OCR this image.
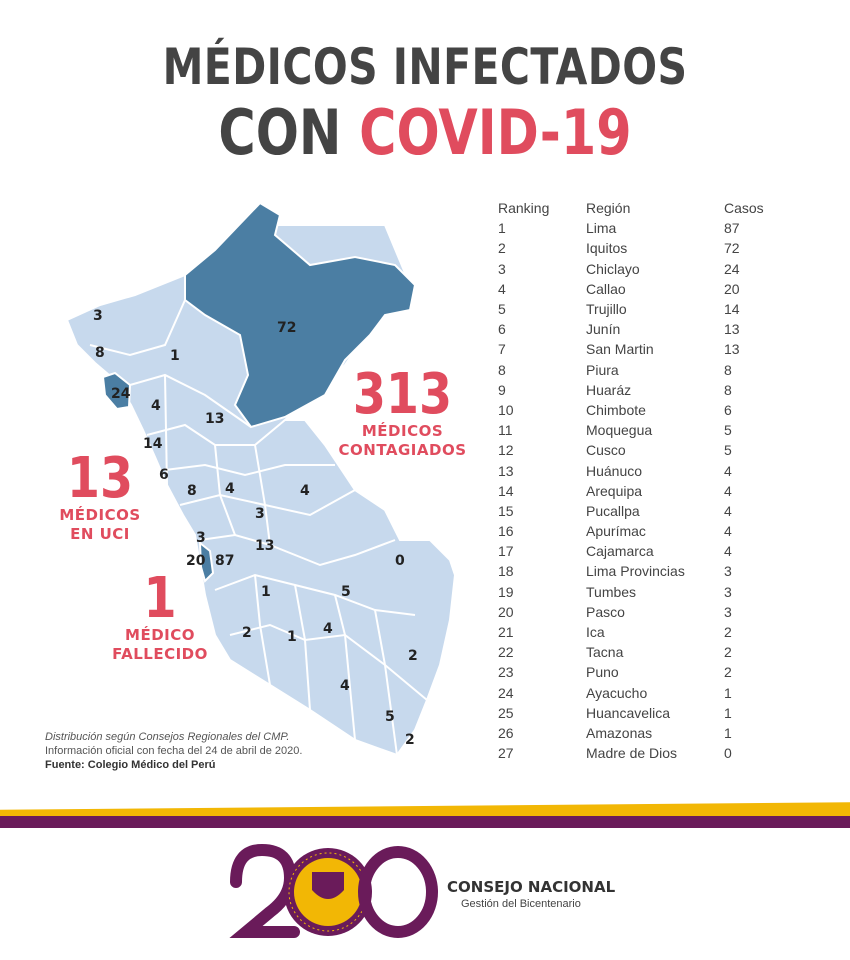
MÉDICOS INFECTADOS
CON COVID-19
72
3
8	1
24
4
13
14
6
8 4	4
3
3	13
20 87	0
1	5
2	1 4
2
4
5
2
313
MÉDICOS
CONTAGIADOS
13
MÉDICOS
EN UCI
1
MÉDICO
FALLECIDO
Distribución según Consejos Regionales del CMP.
Información oficial con fecha del 24 de abril de 2020.
Fuente: Colegio Médico del Perú
Ranking	Región	Casos
1	Lima	87
2	Iquitos	72
3	Chiclayo	24
4	Callao	20
5	Trujillo	14
6	Junín	13
7	San Martin	13
8	Piura	8
9	Huaráz	8
10	Chimbote	6
11	Moquegua	5
12	Cusco	5
13	Huánuco	4
14	Arequipa	4
15	Pucallpa	4
16	Apurímac	4
17	Cajamarca	4
18	Lima Provincias	3
19	Tumbes	3
20	Pasco	3
21	Ica	2
22	Tacna	2
23	Puno	2
24	Ayacucho	1
25	Huancavelica	1
26	Amazonas	1
27	Madre de Dios	0
CONSEJO NACIONAL
Gestión del Bicentenario
